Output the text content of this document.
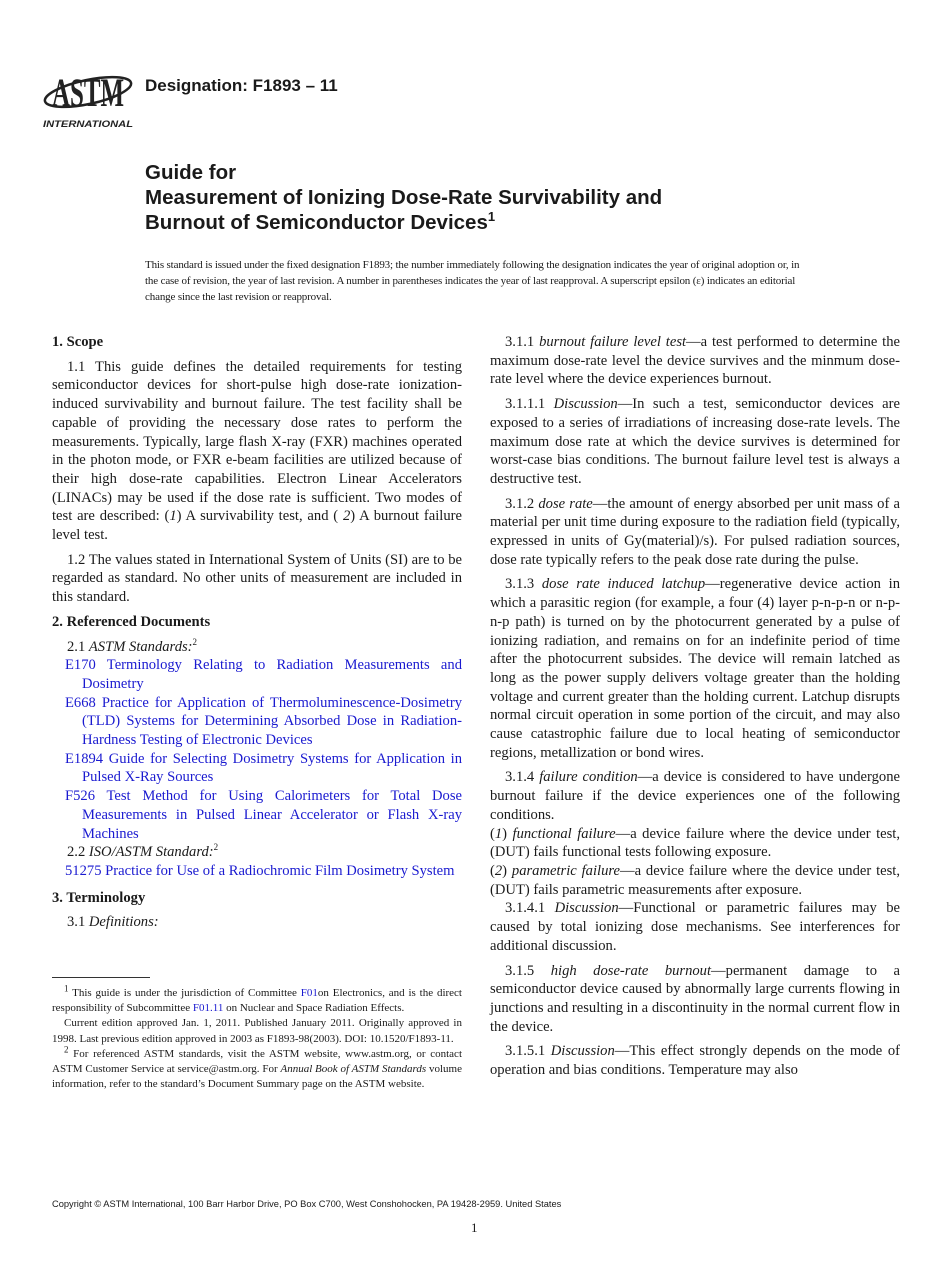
ASTM
INTERNATIONAL
Designation: F1893 – 11
Guide for
Measurement of Ionizing Dose-Rate Survivability and
Burnout of Semiconductor Devices$^1$
This standard is issued under the fixed designation F1893; the number immediately following the designation indicates the year of original adoption or, in the case of revision, the year of last revision. A number in parentheses indicates the year of last reapproval. A superscript epsilon (ε) indicates an editorial change since the last revision or reapproval.
1. Scope
1.1 This guide defines the detailed requirements for testing semiconductor devices for short-pulse high dose-rate ionization-induced survivability and burnout failure. The test facility shall be capable of providing the necessary dose rates to perform the measurements. Typically, large flash X-ray (FXR) machines operated in the photon mode, or FXR e-beam facilities are utilized because of their high dose-rate capabilities. Electron Linear Accelerators (LINACs) may be used if the dose rate is sufficient. Two modes of test are described: (1) A survivability test, and ( 2) A burnout failure level test.
1.2 The values stated in International System of Units (SI) are to be regarded as standard. No other units of measurement are included in this standard.
2. Referenced Documents
2.1 ASTM Standards:$^2$
E170 Terminology Relating to Radiation Measurements and Dosimetry
E668 Practice for Application of Thermoluminescence-Dosimetry (TLD) Systems for Determining Absorbed Dose in Radiation-Hardness Testing of Electronic Devices
E1894 Guide for Selecting Dosimetry Systems for Application in Pulsed X-Ray Sources
F526 Test Method for Using Calorimeters for Total Dose Measurements in Pulsed Linear Accelerator or Flash X-ray Machines
2.2 ISO/ASTM Standard:$^2$
51275 Practice for Use of a Radiochromic Film Dosimetry System
3. Terminology
3.1 Definitions:
3.1.1 burnout failure level test—a test performed to determine the maximum dose-rate level the device survives and the minmum dose-rate level where the device experiences burnout.
3.1.1.1 Discussion—In such a test, semiconductor devices are exposed to a series of irradiations of increasing dose-rate levels. The maximum dose rate at which the device survives is determined for worst-case bias conditions. The burnout failure level test is always a destructive test.
3.1.2 dose rate—the amount of energy absorbed per unit mass of a material per unit time during exposure to the radiation field (typically, expressed in units of Gy(material)/s). For pulsed radiation sources, dose rate typically refers to the peak dose rate during the pulse.
3.1.3 dose rate induced latchup—regenerative device action in which a parasitic region (for example, a four (4) layer p-n-p-n or n-p-n-p path) is turned on by the photocurrent generated by a pulse of ionizing radiation, and remains on for an indefinite period of time after the photocurrent subsides. The device will remain latched as long as the power supply delivers voltage greater than the holding voltage and current greater than the holding current. Latchup disrupts normal circuit operation in some portion of the circuit, and may also cause catastrophic failure due to local heating of semiconductor regions, metallization or bond wires.
3.1.4 failure condition—a device is considered to have undergone burnout failure if the device experiences one of the following conditions.
(1) functional failure—a device failure where the device under test, (DUT) fails functional tests following exposure.
(2) parametric failure—a device failure where the device under test, (DUT) fails parametric measurements after exposure.
3.1.4.1 Discussion—Functional or parametric failures may be caused by total ionizing dose mechanisms. See interferences for additional discussion.
3.1.5 high dose-rate burnout—permanent damage to a semiconductor device caused by abnormally large currents flowing in junctions and resulting in a discontinuity in the normal current flow in the device.
3.1.5.1 Discussion—This effect strongly depends on the mode of operation and bias conditions. Temperature may also
$^1$ This guide is under the jurisdiction of Committee F01on Electronics, and is the direct responsibility of Subcommittee F01.11 on Nuclear and Space Radiation Effects.
Current edition approved Jan. 1, 2011. Published January 2011. Originally approved in 1998. Last previous edition approved in 2003 as F1893-98(2003). DOI: 10.1520/F1893-11.
$^2$ For referenced ASTM standards, visit the ASTM website, www.astm.org, or contact ASTM Customer Service at service@astm.org. For Annual Book of ASTM Standards volume information, refer to the standard’s Document Summary page on the ASTM website.
Copyright © ASTM International, 100 Barr Harbor Drive, PO Box C700, West Conshohocken, PA 19428-2959. United States
1
